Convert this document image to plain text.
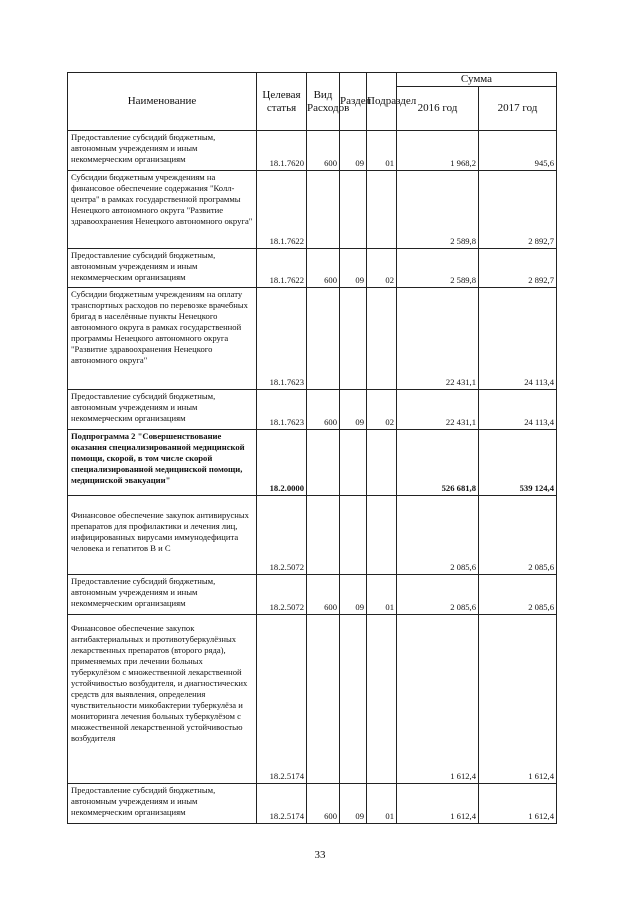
Наименование	Целевая статья	Вид Расходов	Раздел	Подраздел	Сумма	
					2016 год	2017 год
Предоставление субсидий бюджетным, автономным учреждениям и иным некоммерческим организациям	18.1.7620	600	09	01	1 968,2	945,6
Субсидии бюджетным учреждениям на финансовое обеспечение содержания "Колл-центра" в рамках государственной программы Ненецкого автономного округа "Развитие здравоохранения Ненецкого автономного округа"	18.1.7622				2 589,8	2 892,7
Предоставление субсидий бюджетным, автономным учреждениям и иным некоммерческим организациям	18.1.7622	600	09	02	2 589,8	2 892,7
Субсидии бюджетным учреждениям на оплату транспортных расходов по перевозке врачебных бригад в населённые пункты Ненецкого автономного округа в рамках государственной программы Ненецкого автономного округа "Развитие здравоохранения Ненецкого автономного округа"	18.1.7623				22 431,1	24 113,4
Предоставление субсидий бюджетным, автономным учреждениям и иным некоммерческим организациям	18.1.7623	600	09	02	22 431,1	24 113,4
Подпрограмма 2 "Совершенствование оказания специализированной медицинской помощи, скорой, в том числе скорой специализированной медицинской помощи, медицинской эвакуации"	18.2.0000				526 681,8	539 124,4
Финансовое обеспечение закупок антивирусных препаратов для профилактики и лечения лиц, инфицированных вирусами иммунодефицита человека и гепатитов B и C	18.2.5072				2 085,6	2 085,6
Предоставление субсидий бюджетным, автономным учреждениям и иным некоммерческим организациям	18.2.5072	600	09	01	2 085,6	2 085,6
Финансовое обеспечение закупок антибактериальных и противотуберкулёзных лекарственных препаратов (второго ряда), применяемых при лечении больных туберкулёзом с множественной лекарственной устойчивостью возбудителя, и диагностических средств для выявления, определения чувствительности микобактерии туберкулёза и мониторинга лечения больных туберкулёзом с множественной лекарственной устойчивостью возбудителя	18.2.5174				1 612,4	1 612,4
Предоставление субсидий бюджетным, автономным учреждениям и иным некоммерческим организациям	18.2.5174	600	09	01	1 612,4	1 612,4
33
